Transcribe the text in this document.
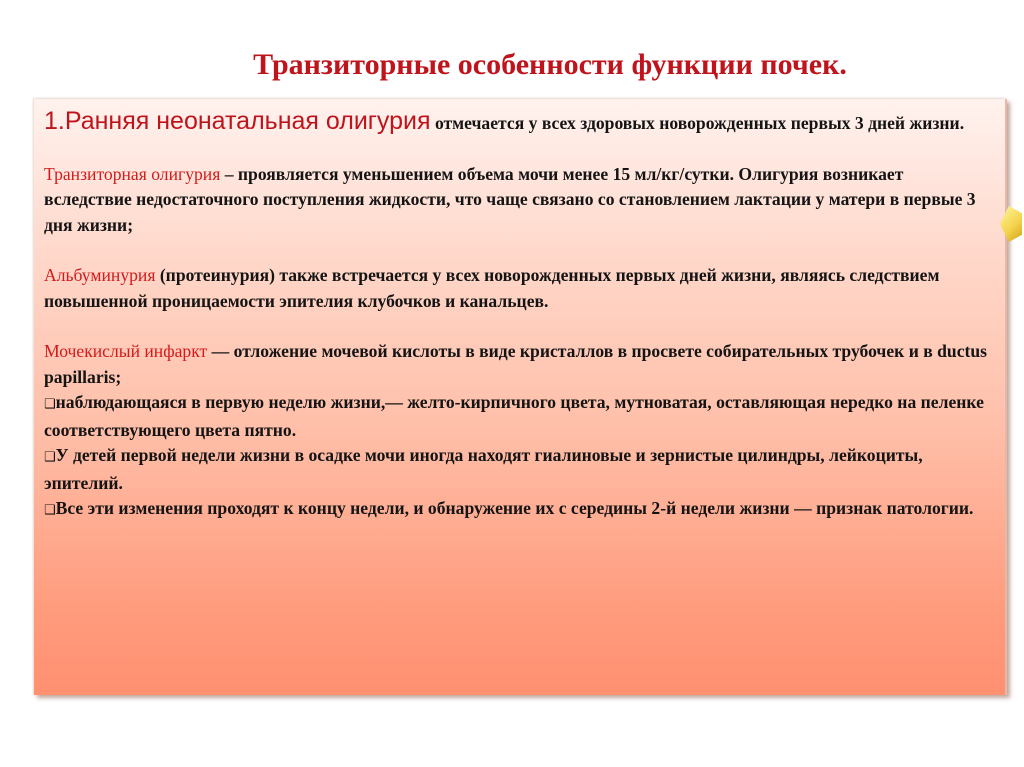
Транзиторные особенности функции почек.

1.Ранняя неонатальная олигурия отмечается у всех здоровых новорожденных первых 3 дней жизни.

Транзиторная олигурия – проявляется уменьшением объема мочи менее 15 мл/кг/сутки. Олигурия возникает вследствие недостаточного поступления жидкости, что чаще связано со становлением лактации у матери в первые 3 дня жизни;

Альбуминурия (протеинурия) также встречается у всех новорожденных первых дней жизни, являясь следствием повышенной проницаемости эпителия клубочков и канальцев.

Мочекислый инфаркт — отложение мочевой кислоты в виде кристаллов в просвете собирательных трубочек и в ductus papillaris;

❑наблюдающаяся в первую неделю жизни,— желто-кирпичного цвета, мутноватая, оставляющая нередко на пеленке соответствующего цвета пятно.

❑У детей первой недели жизни в осадке мочи иногда находят гиалиновые и зернистые цилиндры, лейкоциты, эпителий.

❑Все эти изменения проходят к концу недели, и обнаружение их с середины 2-й недели жизни — признак патологии.
